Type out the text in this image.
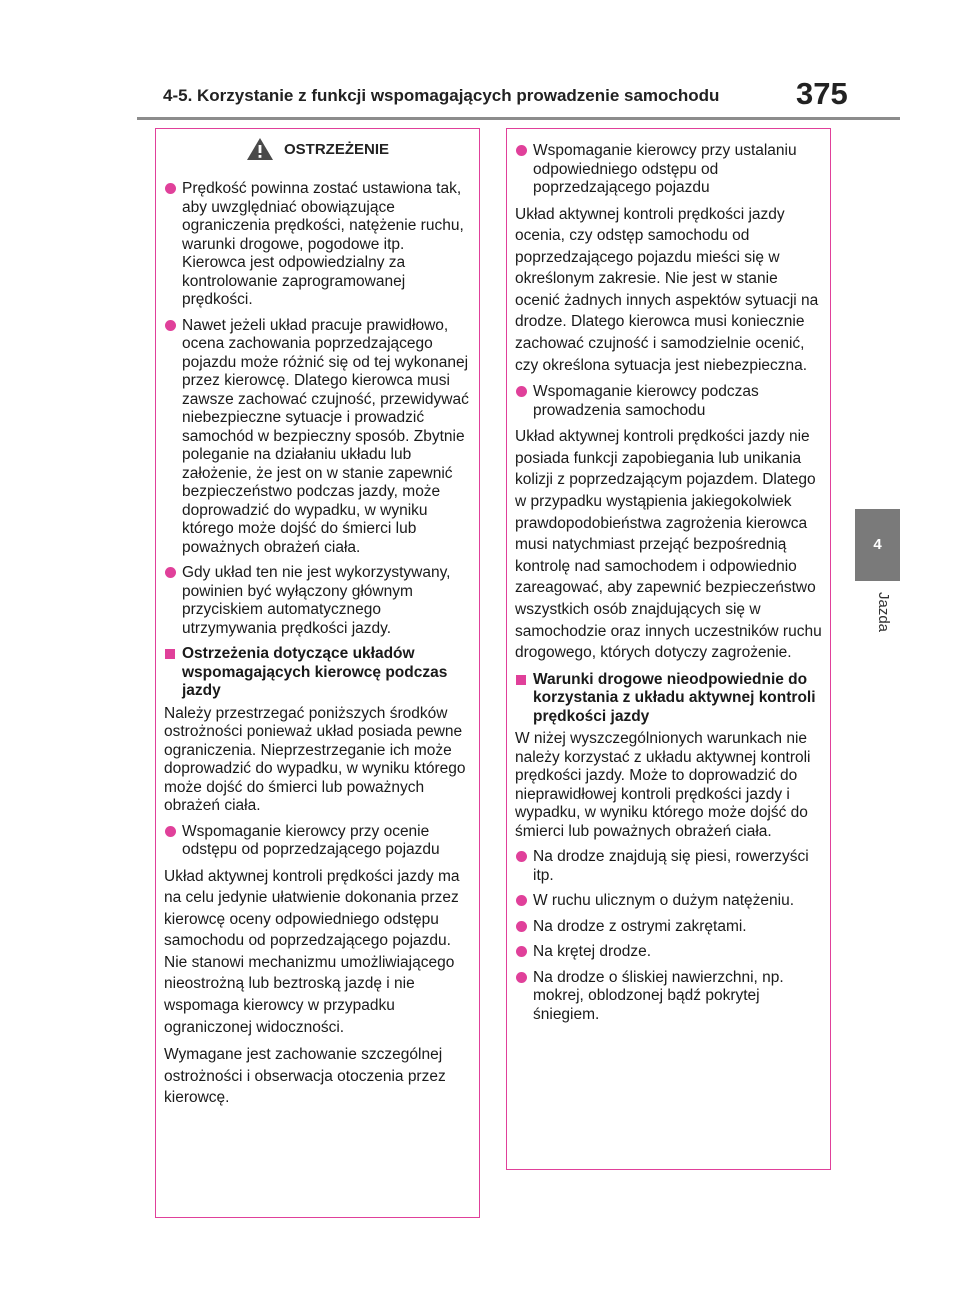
4-5. Korzystanie z funkcji wspomagających prowadzenie samochodu 375
4
Jazda
OSTRZEŻENIE
Prędkość powinna zostać ustawiona tak, aby uwzględniać obowiązujące ograniczenia prędkości, natężenie ruchu, warunki drogowe, pogodowe itp. Kierowca jest odpowiedzialny za kontrolowanie zaprogramowanej prędkości.
Nawet jeżeli układ pracuje prawidłowo, ocena zachowania poprzedzającego pojazdu może różnić się od tej wykonanej przez kierowcę. Dlatego kierowca musi zawsze zachować czujność, przewidywać niebezpieczne sytuacje i prowadzić samochód w bezpieczny sposób. Zbytnie poleganie na działaniu układu lub założenie, że jest on w stanie zapewnić bezpieczeństwo podczas jazdy, może doprowadzić do wypadku, w wyniku którego może dojść do śmierci lub poważnych obrażeń ciała.
Gdy układ ten nie jest wykorzystywany, powinien być wyłączony głównym przyciskiem automatycznego utrzymywania prędkości jazdy.
Ostrzeżenia dotyczące układów wspomagających kierowcę podczas jazdy
Należy przestrzegać poniższych środków ostrożności ponieważ układ posiada pewne ograniczenia. Nieprzestrzeganie ich może doprowadzić do wypadku, w wyniku którego może dojść do śmierci lub poważnych obrażeń ciała.
Wspomaganie kierowcy przy ocenie odstępu od poprzedzającego pojazdu
Układ aktywnej kontroli prędkości jazdy ma na celu jedynie ułatwienie dokonania przez kierowcę oceny odpowiedniego odstępu samochodu od poprzedzającego pojazdu. Nie stanowi mechanizmu umożliwiającego nieostrożną lub beztroską jazdę i nie wspomaga kierowcy w przypadku ograniczonej widoczności.
Wymagane jest zachowanie szczególnej ostrożności i obserwacja otoczenia przez kierowcę.
Wspomaganie kierowcy przy ustalaniu odpowiedniego odstępu od poprzedzającego pojazdu
Układ aktywnej kontroli prędkości jazdy ocenia, czy odstęp samochodu od poprzedzającego pojazdu mieści się w określonym zakresie. Nie jest w stanie ocenić żadnych innych aspektów sytuacji na drodze. Dlatego kierowca musi koniecznie zachować czujność i samodzielnie ocenić, czy określona sytuacja jest niebezpieczna.
Wspomaganie kierowcy podczas prowadzenia samochodu
Układ aktywnej kontroli prędkości jazdy nie posiada funkcji zapobiegania lub unikania kolizji z poprzedzającym pojazdem. Dlatego w przypadku wystąpienia jakiegokolwiek prawdopodobieństwa zagrożenia kierowca musi natychmiast przejąć bezpośrednią kontrolę nad samochodem i odpowiednio zareagować, aby zapewnić bezpieczeństwo wszystkich osób znajdujących się w samochodzie oraz innych uczestników ruchu drogowego, których dotyczy zagrożenie.
Warunki drogowe nieodpowiednie do korzystania z układu aktywnej kontroli prędkości jazdy
W niżej wyszczególnionych warunkach nie należy korzystać z układu aktywnej kontroli prędkości jazdy. Może to doprowadzić do nieprawidłowej kontroli prędkości jazdy i wypadku, w wyniku którego może dojść do śmierci lub poważnych obrażeń ciała.
Na drodze znajdują się piesi, rowerzyści itp.
W ruchu ulicznym o dużym natężeniu.
Na drodze z ostrymi zakrętami.
Na krętej drodze.
Na drodze o śliskiej nawierzchni, np. mokrej, oblodzonej bądź pokrytej śniegiem.
